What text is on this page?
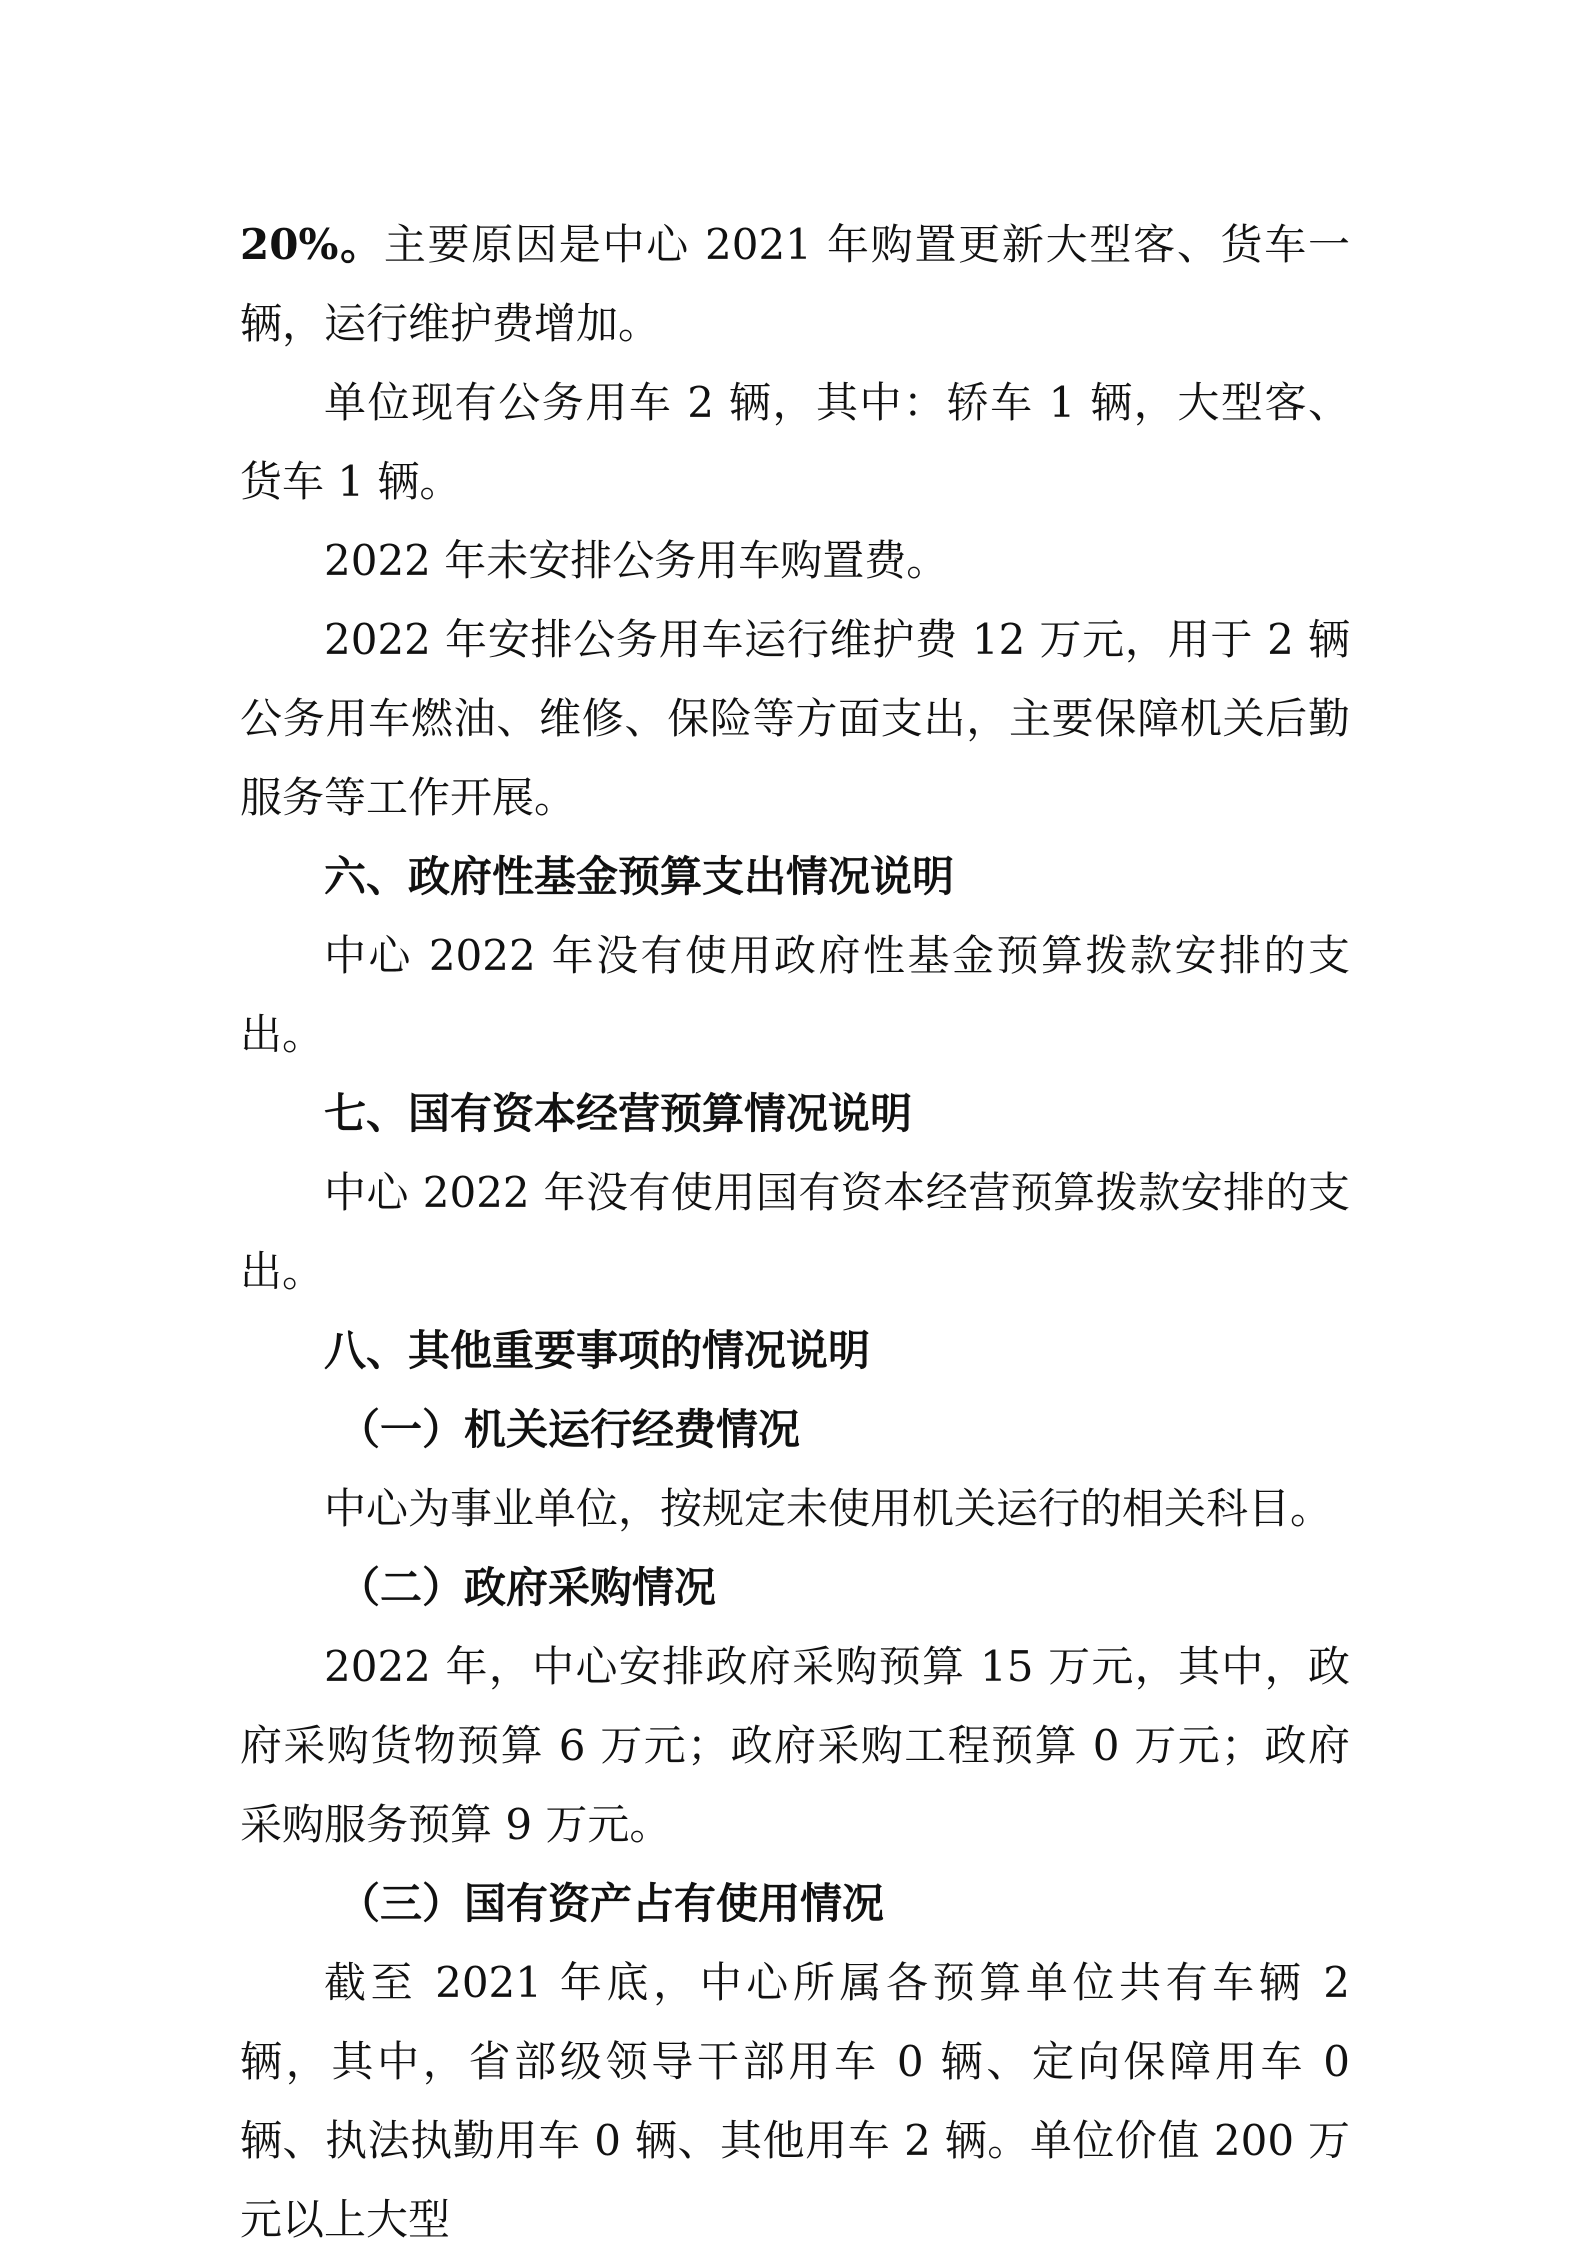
20%。主要原因是中心 2021 年购置更新大型客、货车一辆，运行维护费增加。

单位现有公务用车 2 辆，其中：轿车 1 辆，大型客、货车 1 辆。

2022 年未安排公务用车购置费。

2022 年安排公务用车运行维护费 12 万元，用于 2 辆公务用车燃油、维修、保险等方面支出，主要保障机关后勤服务等工作开展。

六、政府性基金预算支出情况说明

中心 2022 年没有使用政府性基金预算拨款安排的支出。

七、国有资本经营预算情况说明

中心 2022 年没有使用国有资本经营预算拨款安排的支出。

八、其他重要事项的情况说明

（一）机关运行经费情况

中心为事业单位，按规定未使用机关运行的相关科目。

（二）政府采购情况

2022 年，中心安排政府采购预算 15 万元，其中，政府采购货物预算 6 万元；政府采购工程预算 0 万元；政府采购服务预算 9 万元。

（三）国有资产占有使用情况

截至 2021 年底，中心所属各预算单位共有车辆 2 辆，其中，省部级领导干部用车 0 辆、定向保障用车 0 辆、执法执勤用车 0 辆、其他用车 2 辆。单位价值 200 万元以上大型
